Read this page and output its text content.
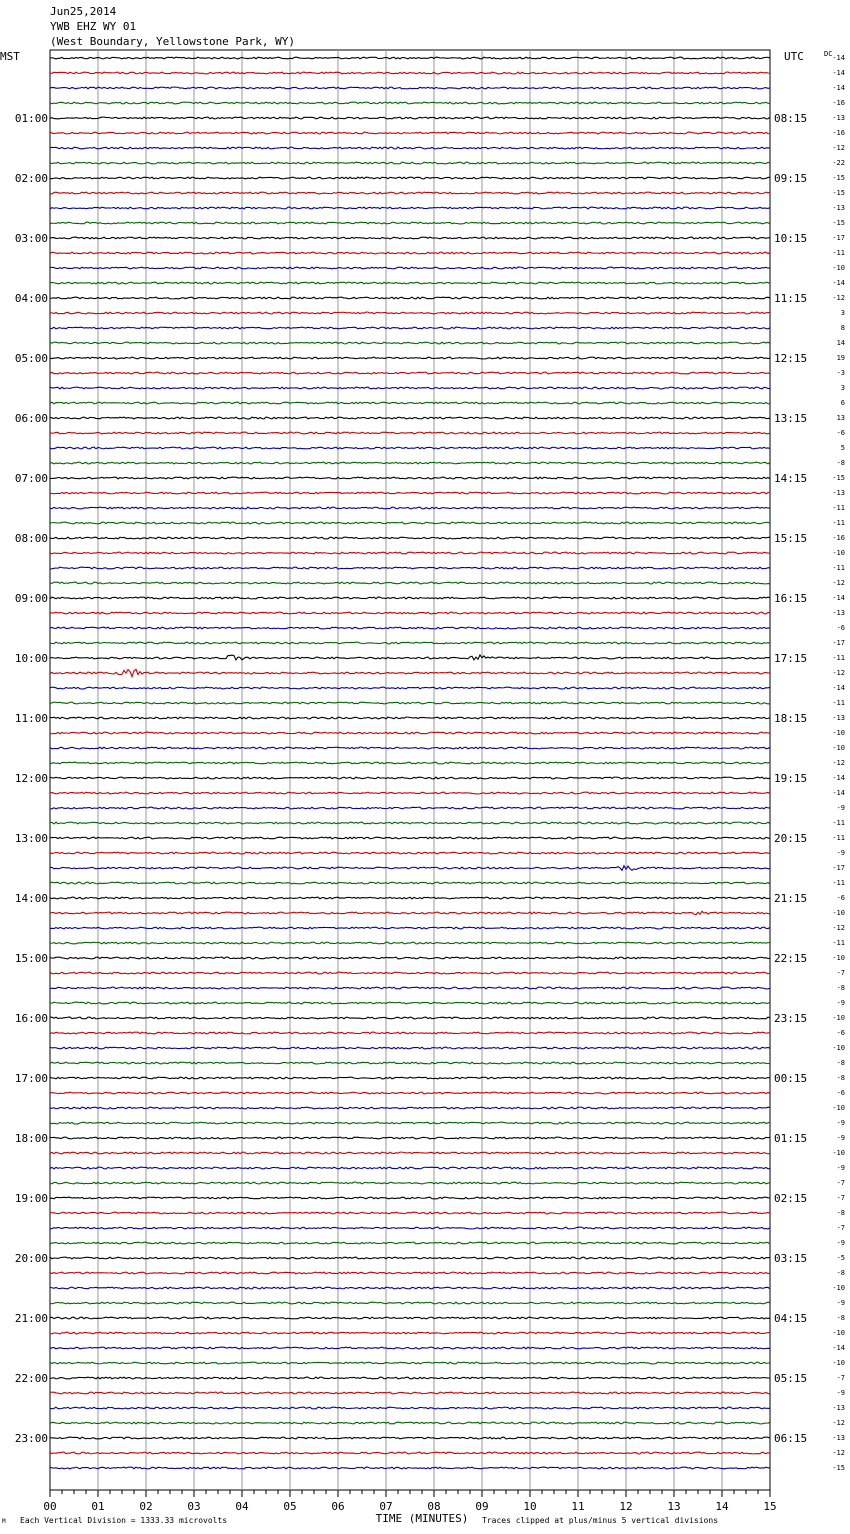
Jun25,2014
YWB EHZ WY 01
(West Boundary, Yellowstone Park, WY)
-14
-14
-14
-16
-13
-16
-12
-22
-15
-15
-13
-15
-17
-11
-10
-14
-12
3
8
14
19
-3
3
6
13
-6
5
-8
-15
-13
-11
-11
-16
-10
-11
-12
-14
-13
-6
-17
-11
-12
-14
-11
-13
-10
-10
-12
-14
-14
-9
-11
-11
-9
-17
-11
-6
-10
-12
-11
-10
-7
-8
-9
-10
-6
-10
-8
-8
-6
-10
-9
-9
-10
-9
-7
-7
-8
-7
-9
-5
-8
-10
-9
-8
-10
-14
-10
-7
-9
-13
-12
-13
-12
-15
MST	UTC	DC
01:00
02:00
03:00
04:00
05:00
06:00
07:00
08:00
09:00
10:00
11:00
12:00
13:00
14:00
15:00
16:00
17:00
18:00
19:00
20:00
21:00
22:00
23:00
08:15
09:15
10:15
11:15
12:15
13:15
14:15
15:15
16:15
17:15
18:15
19:15
20:15
21:15
22:15
23:15
00:15
01:15
02:15
03:15
04:15
05:15
06:15
00	01	02	03	04	05	06	07	08	09	10	11	12	13	14	15
TIME (MINUTES)
M Each Vertical Division = 1333.33 microvolts	Traces clipped at plus/minus 5 vertical divisions
